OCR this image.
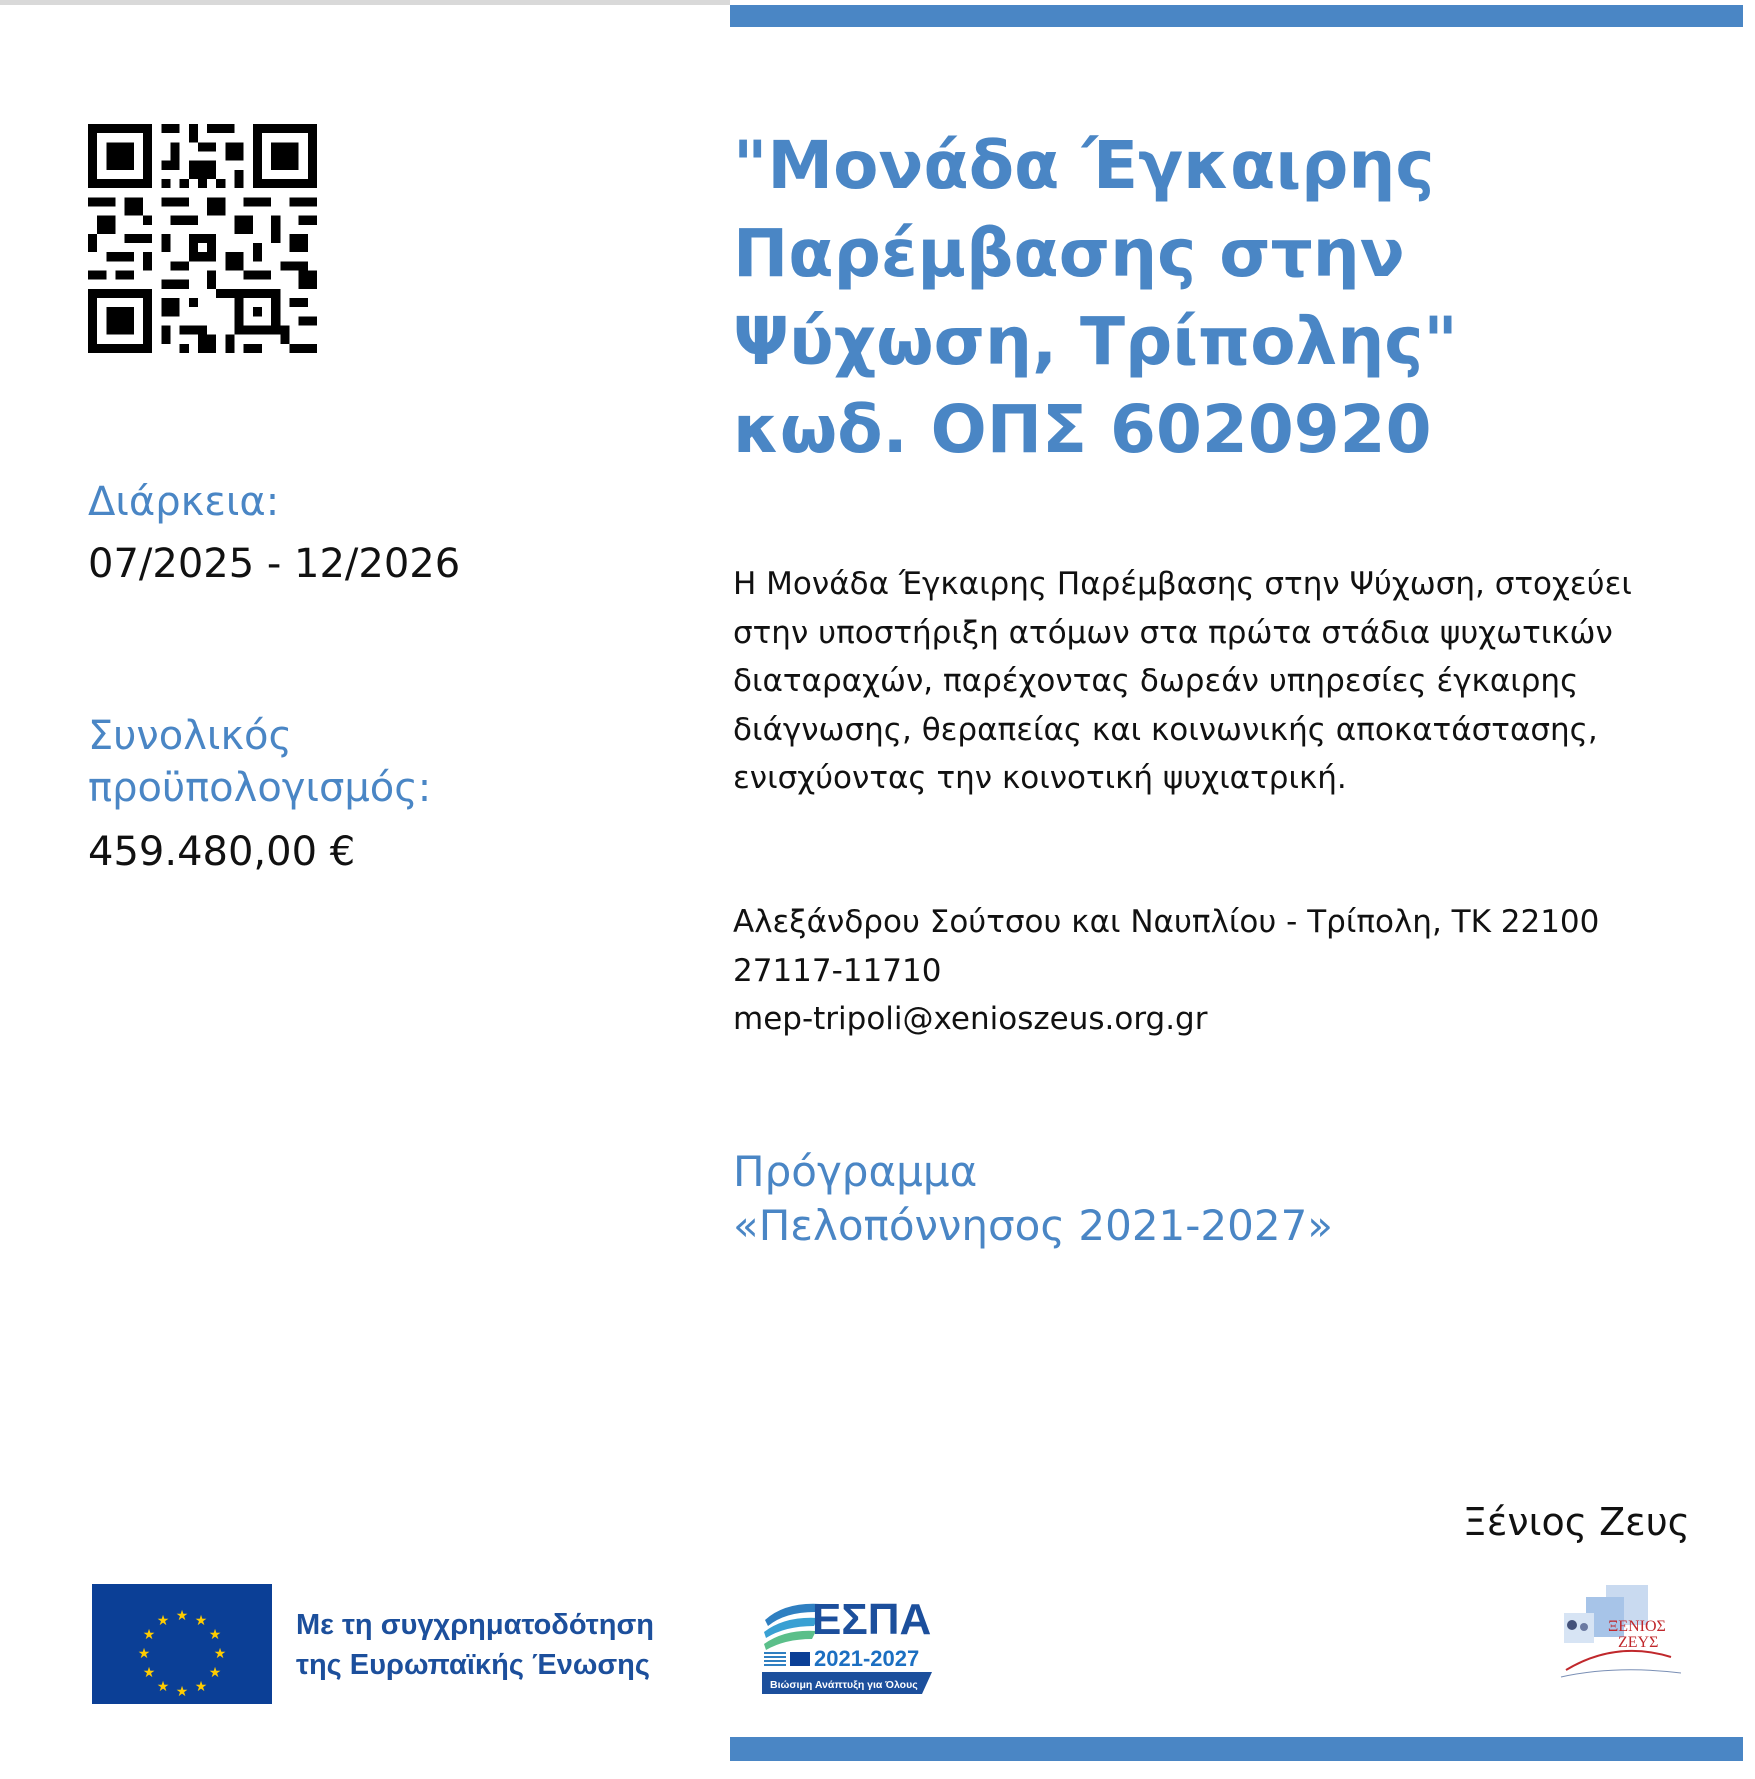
Διάρκεια:
07/2025 - 12/2026
Συνολικός προϋπολογισμός:
459.480,00 €
"Μονάδα Έγκαιρης
Παρέμβασης στην
Ψύχωση, Τρίπολης"
κωδ. ΟΠΣ 6020920
Η Μονάδα Έγκαιρης Παρέμβασης στην Ψύχωση, στοχεύει στην υποστήριξη ατόμων στα πρώτα στάδια ψυχωτικών διαταραχών, παρέχοντας δωρεάν υπηρεσίες έγκαιρης διάγνωσης, θεραπείας και κοινωνικής αποκατάστασης, ενισχύοντας την κοινοτική ψυχιατρική.
Αλεξάνδρου Σούτσου και Ναυπλίου - Τρίπολη, ΤΚ 22100
27117-11710
mep-tripoli@xenioszeus.org.gr
Πρόγραμμα
«Πελοπόννησος 2021-2027»
Ξένιος Ζευς
★ ★
★
★
★
★
★
★
★
★
★
★	Με τη συγχρηματοδότηση
της Ευρωπαϊκής Ένωσης
ΕΣΠΑ
2021-2027
Βιώσιμη Ανάπτυξη για Όλους
ΞΕΝΙΟΣ
ΖΕΥΣ
